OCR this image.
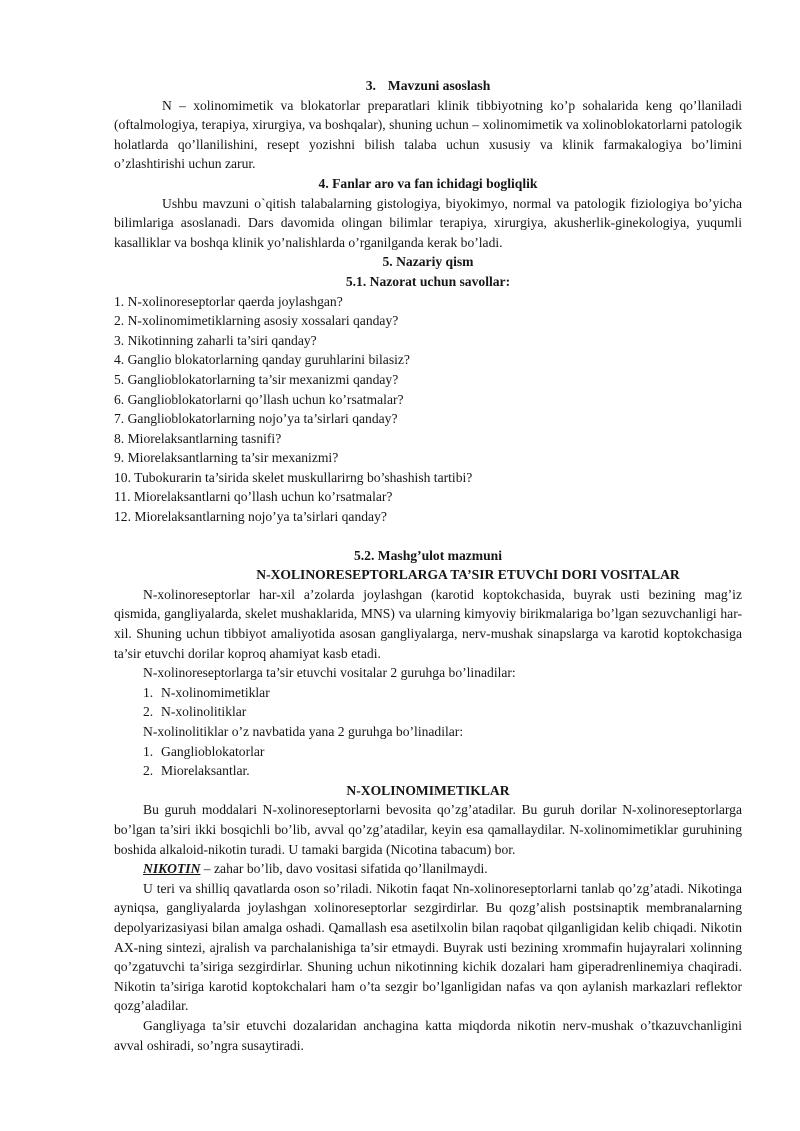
3. Mavzuni asoslash

N – xolinomimetik va blokatorlar preparatlari klinik tibbiyotning ko’p sohalarida keng qo’llaniladi (oftalmologiya, terapiya, xirurgiya, va boshqalar), shuning uchun – xolinomimetik va xolinoblokatorlarni patologik holatlarda qo’llanilishini, resept yozishni bilish talaba uchun xususiy va klinik farmakalogiya bo’limini o’zlashtirishi uchun zarur.

4. Fanlar aro va fan ichidagi bogliqlik

Ushbu mavzuni o`qitish talabalarning gistologiya, biyokimyo, normal va patologik fiziologiya bo’yicha bilimlariga asoslanadi. Dars davomida olingan bilimlar terapiya, xirurgiya, akusherlik-ginekologiya, yuqumli kasalliklar va boshqa klinik yo’nalishlarda o’rganilganda kerak bo’ladi.

5. Nazariy qism

5.1. Nazorat uchun savollar:

1. N-xolinoreseptorlar qaerda joylashgan?

2. N-xolinomimetiklarning asosiy xossalari qanday?

3. Nikotinning zaharli ta’siri qanday?

4. Ganglio blokatorlarning qanday guruhlarini bilasiz?

5. Ganglioblokatorlarning ta’sir mexanizmi qanday?

6. Ganglioblokatorlarni qo’llash uchun ko’rsatmalar?

7. Ganglioblokatorlarning nojo’ya ta’sirlari qanday?

8. Miorelaksantlarning tasnifi?

9. Miorelaksantlarning ta’sir mexanizmi?

10. Tubokurarin ta’sirida skelet muskullarirng bo’shashish tartibi?

11. Miorelaksantlarni qo’llash uchun ko’rsatmalar?

12. Miorelaksantlarning nojo’ya ta’sirlari qanday?

5.2. Mashg’ulot mazmuni

N-XOLINORESEPTORLARGA TA’SIR ETUVChI DORI VOSITALAR

N-xolinoreseptorlar har-xil a’zolarda joylashgan (karotid koptokchasida, buyrak usti bezining mag’iz qismida, gangliyalarda, skelet mushaklarida, MNS) va ularning kimyoviy birikmalariga bo’lgan sezuvchanligi har-xil. Shuning uchun tibbiyot amaliyotida asosan gangliyalarga, nerv-mushak sinapslarga va karotid koptokchasiga ta’sir etuvchi dorilar koproq ahamiyat kasb etadi.

N-xolinoreseptorlarga ta’sir etuvchi vositalar 2 guruhga bo’linadilar:

1. N-xolinomimetiklar

2. N-xolinolitiklar

N-xolinolitiklar o’z navbatida yana 2 guruhga bo’linadilar:

1. Ganglioblokatorlar

2. Miorelaksantlar.

N-XOLINOMIMETIKLAR

Bu guruh moddalari N-xolinoreseptorlarni bevosita qo’zg’atadilar. Bu guruh dorilar N-xolinoreseptorlarga bo’lgan ta’siri ikki bosqichli bo’lib, avval qo’zg’atadilar, keyin esa qamallaydilar. N-xolinomimetiklar guruhining boshida alkaloid-nikotin turadi. U tamaki bargida (Nicotina tabacum) bor.

NIKOTIN – zahar bo’lib, davo vositasi sifatida qo’llanilmaydi.

U teri va shilliq qavatlarda oson so’riladi. Nikotin faqat Nn-xolinoreseptorlarni tanlab qo’zg’atadi. Nikotinga ayniqsa, gangliyalarda joylashgan xolinoreseptorlar sezgirdirlar. Bu qozg’alish postsinaptik membranalarning depolyarizasiyasi bilan amalga oshadi. Qamallash esa asetilxolin bilan raqobat qilganligidan kelib chiqadi. Nikotin AX-ning sintezi, ajralish va parchalanishiga ta’sir etmaydi. Buyrak usti bezining xrommafin hujayralari xolinning qo’zgatuvchi ta’siriga sezgirdirlar. Shuning uchun nikotinning kichik dozalari ham giperadrenlinemiya chaqiradi. Nikotin ta’siriga karotid koptokchalari ham o’ta sezgir bo’lganligidan nafas va qon aylanish markazlari reflektor qozg’aladilar.

Gangliyaga ta’sir etuvchi dozalaridan anchagina katta miqdorda nikotin nerv-mushak o’tkazuvchanligini avval oshiradi, so’ngra susaytiradi.
